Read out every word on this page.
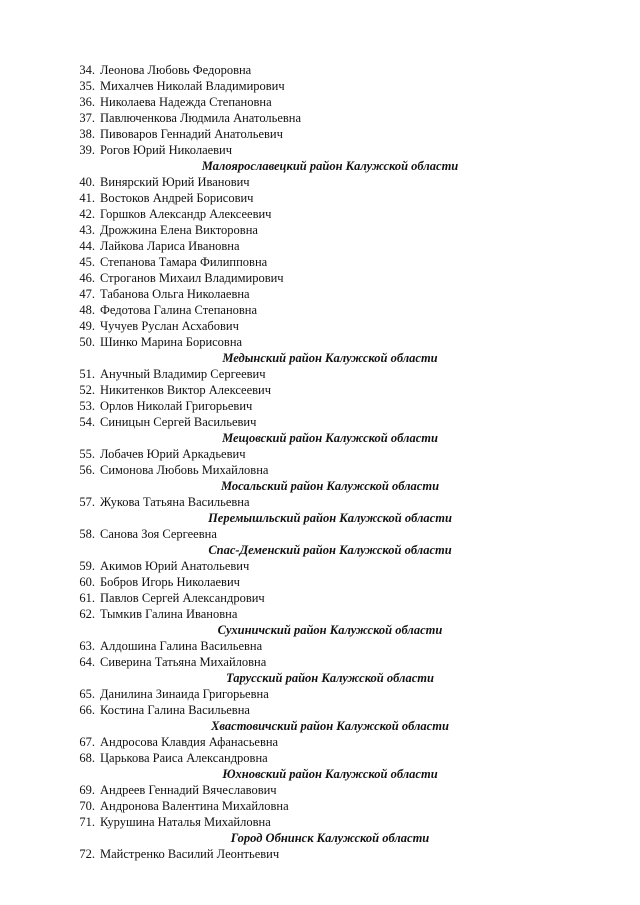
34. Леонова Любовь Федоровна
35. Михалчев Николай Владимирович
36. Николаева Надежда Степановна
37. Павлюченкова Людмила Анатольевна
38. Пивоваров Геннадий Анатольевич
39. Рогов Юрий Николаевич
Малоярославецкий район Калужской области
40. Винярский Юрий Иванович
41. Востоков Андрей Борисович
42. Горшков Александр Алексеевич
43. Дрожжина Елена Викторовна
44. Лайкова Лариса Ивановна
45. Степанова Тамара Филипповна
46. Строганов Михаил Владимирович
47. Табанова Ольга Николаевна
48. Федотова Галина Степановна
49. Чучуев Руслан Асхабович
50. Шинко Марина Борисовна
Медынский район Калужской области
51. Анучный Владимир Сергеевич
52. Никитенков Виктор Алексеевич
53. Орлов Николай Григорьевич
54. Синицын Сергей Васильевич
Мещовский район Калужской области
55. Лобачев Юрий Аркадьевич
56. Симонова Любовь Михайловна
Мосальский район Калужской области
57. Жукова Татьяна Васильевна
Перемышльский район Калужской области
58. Санова Зоя Сергеевна
Спас-Деменский район Калужской области
59. Акимов Юрий Анатольевич
60. Бобров Игорь Николаевич
61. Павлов Сергей Александрович
62. Тымкив Галина Ивановна
Сухиничский район Калужской области
63. Алдошина Галина Васильевна
64. Сиверина Татьяна Михайловна
Тарусский район Калужской области
65. Данилина Зинаида Григорьевна
66. Костина Галина Васильевна
Хвастовичский район Калужской области
67. Андросова Клавдия Афанасьевна
68. Царькова Раиса Александровна
Юхновский район Калужской области
69. Андреев Геннадий Вячеславович
70. Андронова Валентина Михайловна
71. Курушина Наталья Михайловна
Город Обнинск Калужской области
72. Майстренко Василий Леонтьевич
